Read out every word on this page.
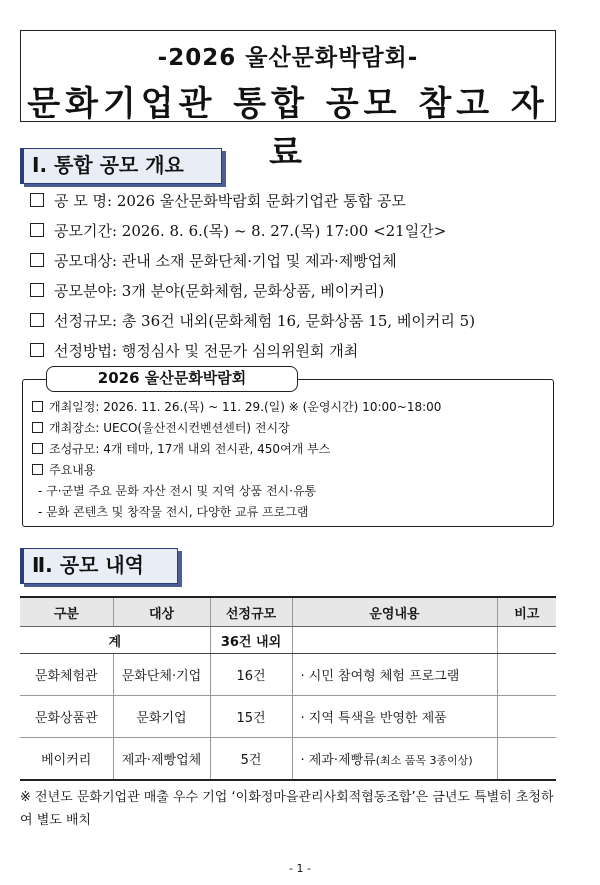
-2026 울산문화박람회-
문화기업관 통합 공모 참고 자료
Ⅰ. 통합 공모 개요
공 모 명: 2026 울산문화박람회 문화기업관 통합 공모
공모기간: 2026. 8. 6.(목) ~ 8. 27.(목) 17:00 <21일간>
공모대상: 관내 소재 문화단체·기업 및 제과·제빵업체
공모분야: 3개 분야(문화체험, 문화상품, 베이커리)
선정규모: 총 36건 내외(문화체험 16, 문화상품 15, 베이커리 5)
선정방법: 행정심사 및 전문가 심의위원회 개최
2026 울산문화박람회
개최일정: 2026. 11. 26.(목) ~ 11. 29.(일) ※ (운영시간) 10:00~18:00
개최장소: UECO(울산전시컨벤션센터) 전시장
조성규모: 4개 테마, 17개 내외 전시관, 450여개 부스
주요내용
- 구·군별 주요 문화 자산 전시 및 지역 상품 전시·유통
- 문화 콘텐츠 및 창작물 전시, 다양한 교류 프로그램
Ⅱ. 공모 내역
구분	대상	선정규모	운영내용	비고
계		36건 내외		
문화체험관	문화단체·기업	16건	· 시민 참여형 체험 프로그램	
문화상품관	문화기업	15건	· 지역 특색을 반영한 제품	
베이커리	제과·제빵업체	5건	· 제과·제빵류(최소 품목 3종이상)	
※ 전년도 문화기업관 매출 우수 기업 ‘이화정마을관리사회적협동조합’은 금년도 특별히 초청하여 별도 배치
- 1 -
